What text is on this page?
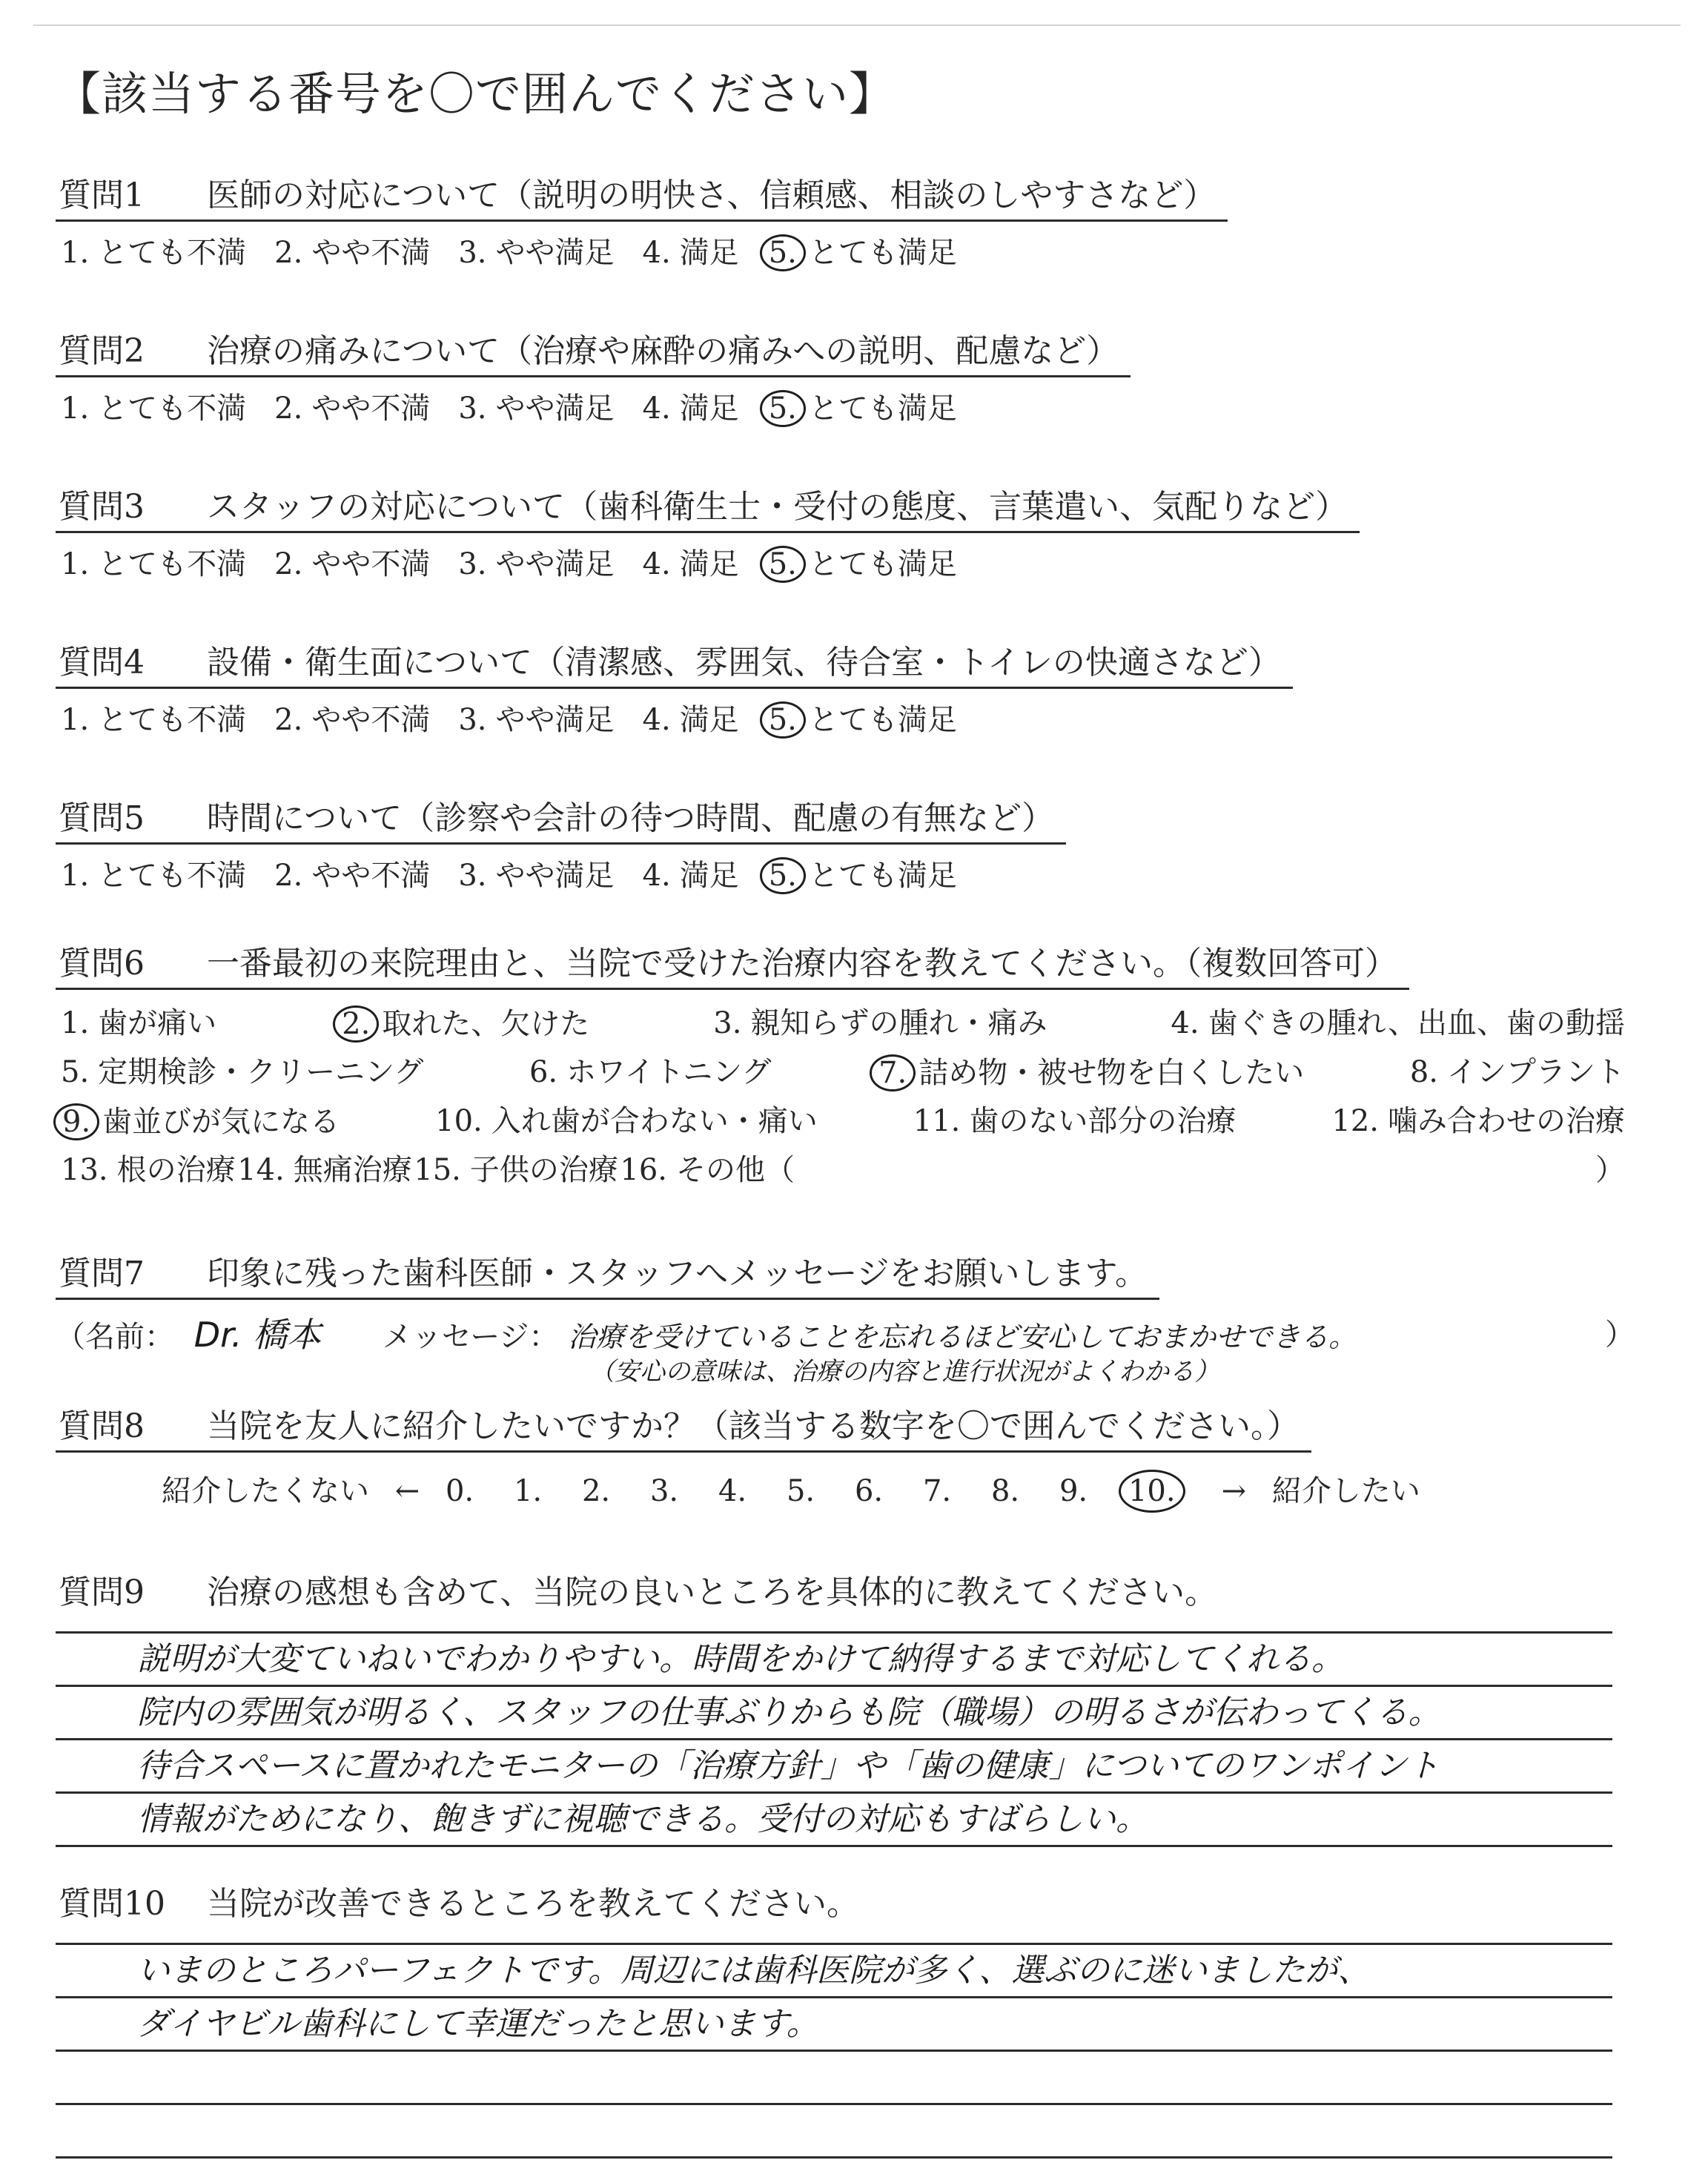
【該当する番号を〇で囲んでください】
質問1 医師の対応について（説明の明快さ、信頼感、相談のしやすさなど）
1. とても不満 2. やや不満 3. やや満足 4. 満足 5. とても満足
質問2 治療の痛みについて（治療や麻酔の痛みへの説明、配慮など）
1. とても不満 2. やや不満 3. やや満足 4. 満足 5. とても満足
質問3 スタッフの対応について（歯科衛生士・受付の態度、言葉遣い、気配りなど）
1. とても不満 2. やや不満 3. やや満足 4. 満足 5. とても満足
質問4 設備・衛生面について（清潔感、雰囲気、待合室・トイレの快適さなど）
1. とても不満 2. やや不満 3. やや満足 4. 満足 5. とても満足
質問5 時間について（診察や会計の待つ時間、配慮の有無など）
1. とても不満 2. やや不満 3. やや満足 4. 満足 5. とても満足
質問6 一番最初の来院理由と、当院で受けた治療内容を教えてください。（複数回答可）
1. 歯が痛い	2. 取れた、欠けた	3. 親知らずの腫れ・痛み	4. 歯ぐきの腫れ、出血、歯の動揺
5. 定期検診・クリーニング	6. ホワイトニング	7. 詰め物・被せ物を白くしたい	8. インプラント
9. 歯並びが気になる	10. 入れ歯が合わない・痛い	11. 歯のない部分の治療	12. 噛み合わせの治療
13. 根の治療 14. 無痛治療 15. 子供の治療 16. その他（　　　　　　　　　　　　　　　　　　　　　　　　　　　）
質問7 印象に残った歯科医師・スタッフへメッセージをお願いします。
（名前： Dr. 橋本 メッセージ： 治療を受けていることを忘れるほど安心しておまかせできる。	）
（安心の意味は、治療の内容と進行状況がよくわかる）
質問8 当院を友人に紹介したいですか？（該当する数字を〇で囲んでください。）
紹介したくない ← 0. 1. 2. 3. 4. 5. 6. 7. 8. 9. 10. → 紹介したい
質問9 治療の感想も含めて、当院の良いところを具体的に教えてください。
説明が大変ていねいでわかりやすい。時間をかけて納得するまで対応してくれる。
院内の雰囲気が明るく、スタッフの仕事ぶりからも院（職場）の明るさが伝わってくる。
待合スペースに置かれたモニターの「治療方針」や「歯の健康」についてのワンポイント
情報がためになり、飽きずに視聴できる。受付の対応もすばらしい。
質問10 当院が改善できるところを教えてください。
いまのところパーフェクトです。周辺には歯科医院が多く、選ぶのに迷いましたが、
ダイヤビル歯科にして幸運だったと思います。
